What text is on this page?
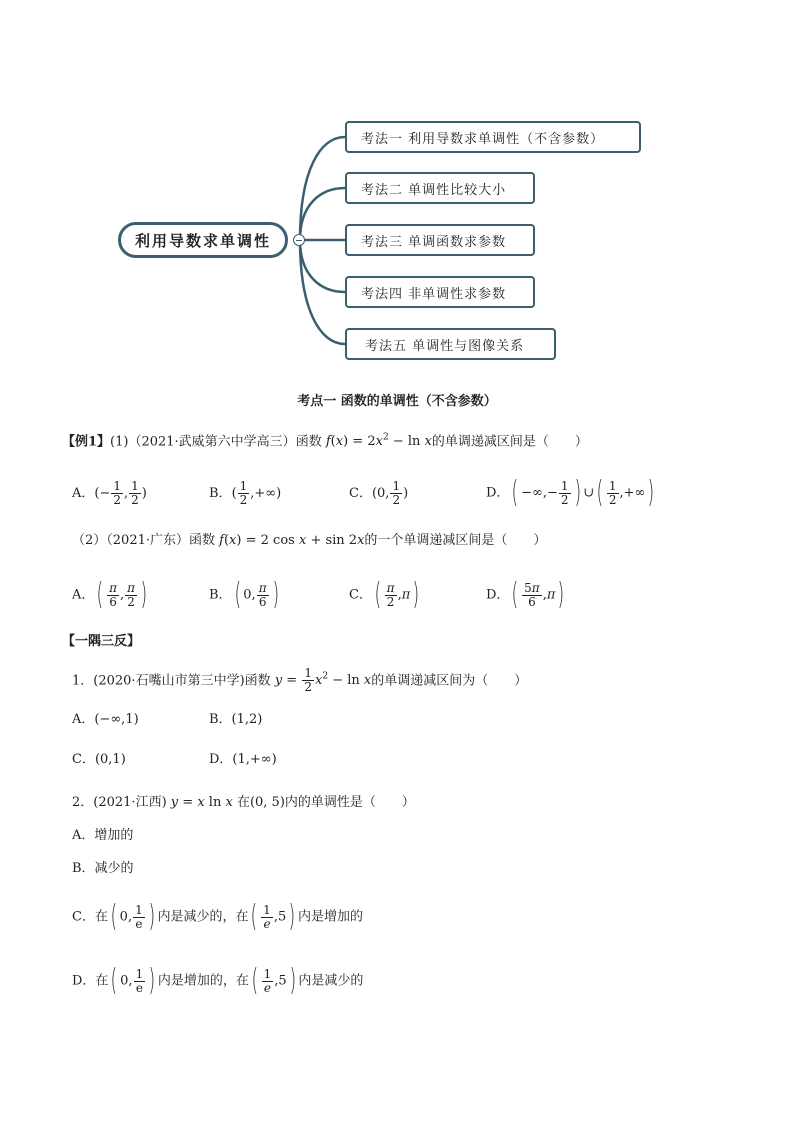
利用导数求单调性
考法一 利用导数求单调性（不含参数）
考法二 单调性比较大小
考法三 单调函数求参数
考法四 非单调性求参数
考法五 单调性与图像关系
考点一 函数的单调性（不含参数）
【例1】(1)（2021·武威第六中学高三）函数 $f(x) = 2x^2 - \ln x$的单调递减区间是（　　）
A．(− $\frac{1}{2}$ , $\frac{1}{2}$ )	B．( $\frac{1}{2}$ ,+∞)	C．(0, $\frac{1}{2}$ )	D．( −∞,− $\frac{1}{2}$ ) ∪( $\frac{1}{2}$ ,+∞)
（2）（2021·广东）函数 f(x) = 2 cos x + sin 2x的一个单调递减区间是（　　）
A．( $\frac{\pi}{6}$ , $\frac{\pi}{2}$ )	B．( 0, $\frac{\pi}{6}$ )	C．( $\frac{\pi}{2} ,\pi$)	D．( $\frac{5\pi}{6} ,\pi$)
【一隅三反】
1．(2020·石嘴山市第三中学)函数 $y = \frac{1}{2} x^2 - \ln x$的单调递减区间为（　　）
A．(−∞,1)	B．(1,2)
C．(0,1)	D．(1,+∞)
2．(2021·江西) y = x ln x 在(0, 5)内的单调性是（　　）
A．增加的
B．减少的
C．在( 0, $\frac{1}{e}$ ) 内是减少的，在( $\frac{1}{e} ,5$) 内是增加的
D．在( 0, $\frac{1}{e}$ ) 内是增加的，在( $\frac{1}{e} ,5$) 内是减少的
